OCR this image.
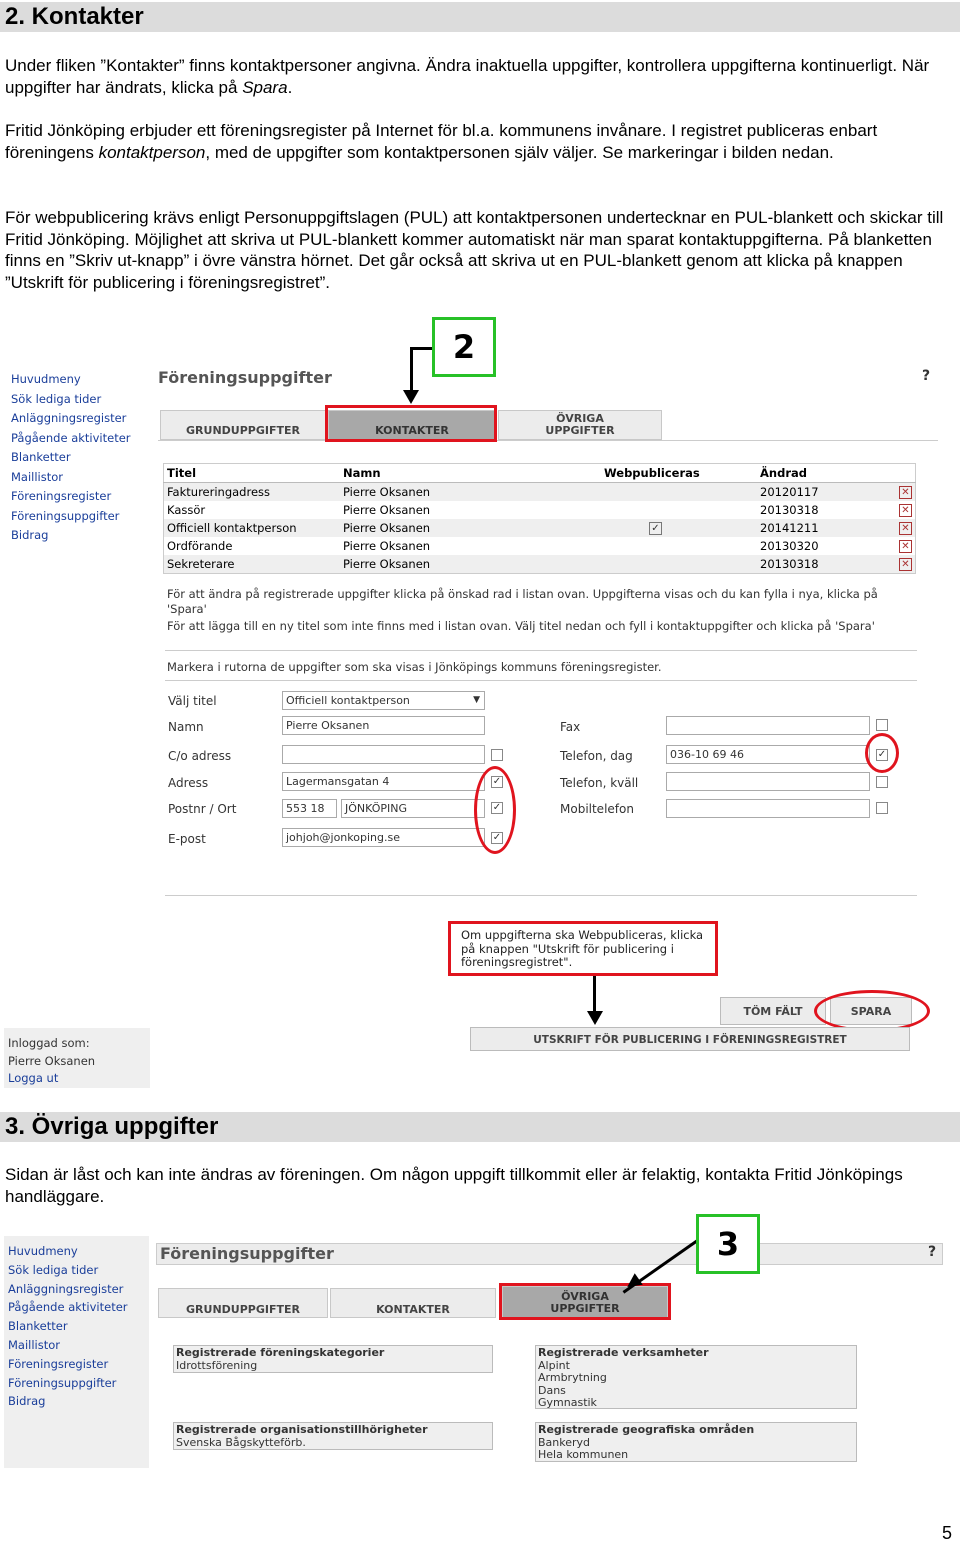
2. Kontakter
Under fliken ”Kontakter” finns kontaktpersoner angivna. Ändra inaktuella uppgifter, kontrollera uppgifterna kontinuerligt. När uppgifter har ändrats, klicka på Spara.
Fritid Jönköping erbjuder ett föreningsregister på Internet för bl.a. kommunens invånare. I registret publiceras enbart föreningens kontaktperson, med de uppgifter som kontaktpersonen själv väljer. Se markeringar i bilden nedan.
För webpublicering krävs enligt Personuppgiftslagen (PUL) att kontaktpersonen undertecknar en PUL-blankett och skickar till Fritid Jönköping. Möjlighet att skriva ut PUL-blankett kommer automatiskt när man sparat kontaktuppgifterna. På blanketten finns en ”Skriv ut-knapp” i övre vänstra hörnet. Det går också att skriva ut en PUL-blankett genom att klicka på knappen ”Utskrift för publicering i föreningsregistret”.
Huvudmeny
Sök lediga tider
Anläggningsregister
Pågående aktiviteter
Blanketter
Maillistor
Föreningsregister
Föreningsuppgifter
Bidrag
Föreningsuppgifter	?
GRUNDUPPGIFTER	KONTAKTER
ÖVRIGA
UPPGIFTER
2
Titel	Namn	Webpubliceras	Ändrad	
Faktureringadress	Pierre Oksanen		20120117	✕
Kassör	Pierre Oksanen		20130318	✕
Officiell kontaktperson	Pierre Oksanen	✓	20141211	✕
Ordförande	Pierre Oksanen		20130320	✕
Sekreterare	Pierre Oksanen		20130318	✕
För att ändra på registrerade uppgifter klicka på önskad rad i listan ovan. Uppgifterna visas och du kan fylla i nya, klicka på 'Spara'
För att lägga till en ny titel som inte finns med i listan ovan. Välj titel nedan och fyll i kontaktuppgifter och klicka på 'Spara'
Markera i rutorna de uppgifter som ska visas i Jönköpings kommuns föreningsregister.
Välj titel	Officiell kontaktperson	▼
Namn	Pierre Oksanen
C/o adress
Adress	Lagermansgatan 4	✓
Postnr / Ort	553 18	JÖNKÖPING	✓
E-post	johjoh@jonkoping.se	✓
Fax
Telefon, dag	036-10 69 46	✓
Telefon, kväll
Mobiltelefon
Om uppgifterna ska Webpubliceras, klicka på knappen "Utskrift för publicering i föreningsregistret".
TÖM FÄLT	SPARA
UTSKRIFT FÖR PUBLICERING I FÖRENINGSREGISTRET
Inloggad som:
Pierre Oksanen
Logga ut
3. Övriga uppgifter
Sidan är låst och kan inte ändras av föreningen. Om någon uppgift tillkommit eller är felaktig, kontakta Fritid Jönköpings handläggare.
Huvudmeny
Sök lediga tider
Anläggningsregister
Pågående aktiviteter
Blanketter
Maillistor
Föreningsregister
Föreningsuppgifter
Bidrag
Föreningsuppgifter	?
GRUNDUPPGIFTER	KONTAKTER
ÖVRIGA
UPPGIFTER
3
Registrerade föreningskategorier
Idrottsförening
Registrerade verksamheter
Alpint
Armbrytning
Dans
Gymnastik
Registrerade organisationstillhörigheter
Svenska Bågskytteförb.
Registrerade geografiska områden
Bankeryd
Hela kommunen
5
